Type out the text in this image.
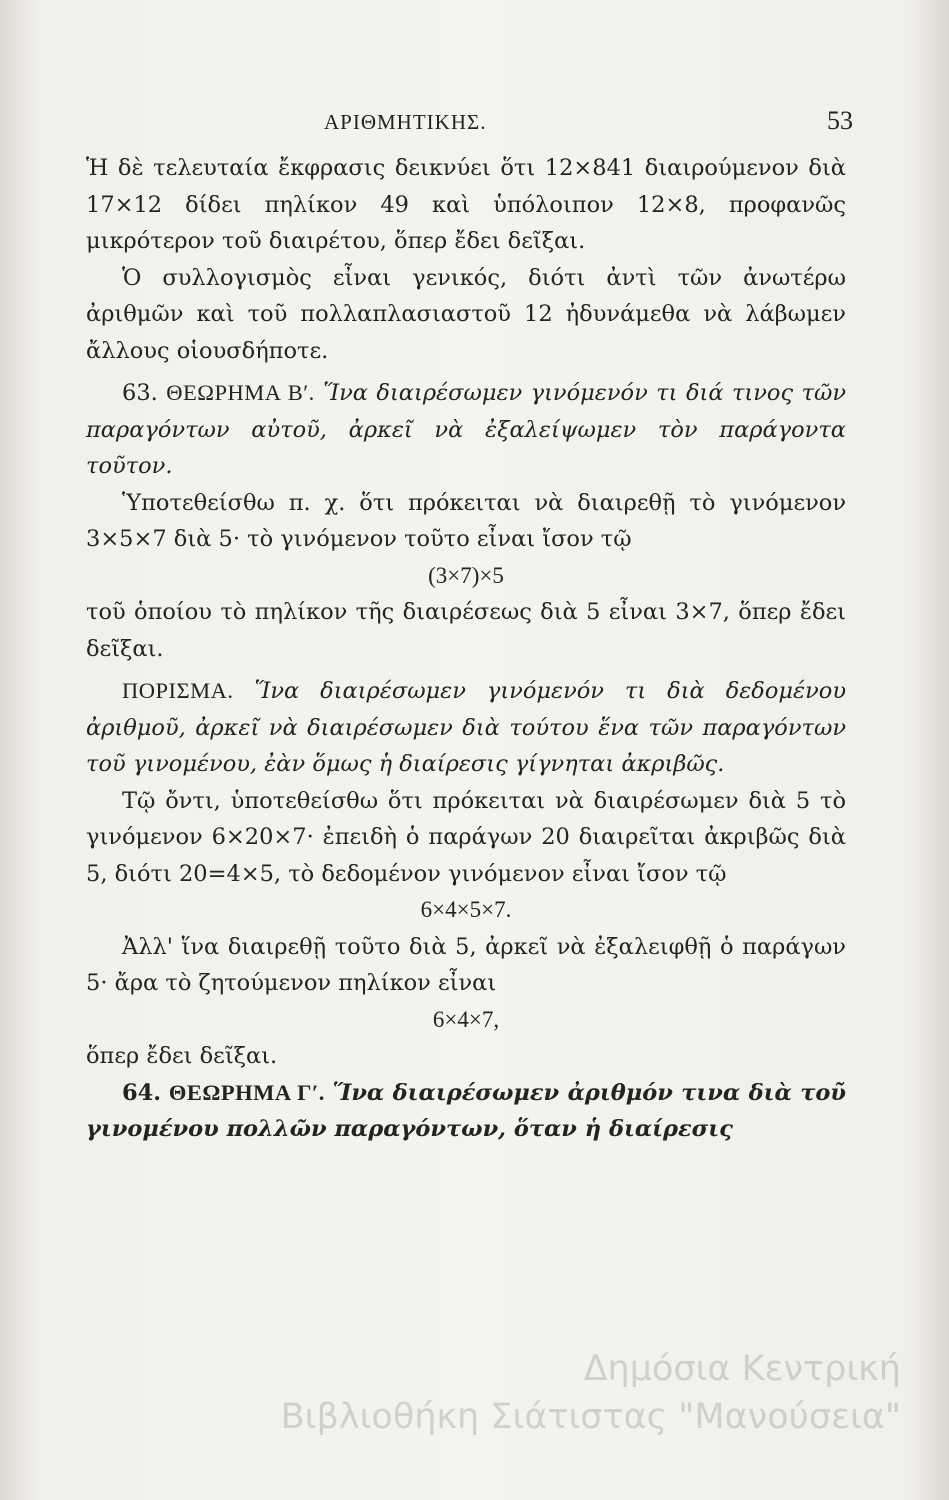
ΑΡΙΘΜΗΤΙΚΗΣ.	53

Ἡ δὲ τελευταία ἔκφρασις δεικνύει ὅτι 12×841 διαιρούμενον διὰ 17×12 δίδει πηλίκον 49 καὶ ὑπόλοιπον 12×8, προφανῶς μικρότερον τοῦ διαιρέτου, ὅπερ ἔδει δεῖξαι.

Ὁ συλλογισμὸς εἶναι γενικός, διότι ἀντὶ τῶν ἀνωτέρω ἀριθμῶν καὶ τοῦ πολλαπλασιαστοῦ 12 ἠδυνάμεθα νὰ λάβωμεν ἄλλους οἱουσδήποτε.

63. ΘΕΩΡΗΜΑ Β′. Ἵνα διαιρέσωμεν γινόμενόν τι διά τινος τῶν παραγόντων αὐτοῦ, ἀρκεῖ νὰ ἐξαλείψωμεν τὸν παράγοντα τοῦτον.

Ὑποτεθείσθω π. χ. ὅτι πρόκειται νὰ διαιρεθῇ τὸ γινόμενον 3×5×7 διὰ 5· τὸ γινόμενον τοῦτο εἶναι ἴσον τῷ

(3×7)×5

τοῦ ὁποίου τὸ πηλίκον τῆς διαιρέσεως διὰ 5 εἶναι 3×7, ὅπερ ἔδει δεῖξαι.

ΠΟΡΙΣΜΑ. Ἵνα διαιρέσωμεν γινόμενόν τι διὰ δεδομένου ἀριθμοῦ, ἀρκεῖ νὰ διαιρέσωμεν διὰ τούτου ἕνα τῶν παραγόντων τοῦ γινομένου, ἐὰν ὅμως ἡ διαίρεσις γίγνηται ἀκριβῶς.

Τῷ ὄντι, ὑποτεθείσθω ὅτι πρόκειται νὰ διαιρέσωμεν διὰ 5 τὸ γινόμενον 6×20×7· ἐπειδὴ ὁ παράγων 20 διαιρεῖται ἀκριβῶς διὰ 5, διότι 20=4×5, τὸ δεδομένον γινόμενον εἶναι ἴσον τῷ

6×4×5×7.

Ἀλλ' ἵνα διαιρεθῇ τοῦτο διὰ 5, ἀρκεῖ νὰ ἐξαλειφθῇ ὁ παράγων 5· ἄρα τὸ ζητούμενον πηλίκον εἶναι

6×4×7,

ὅπερ ἔδει δεῖξαι.

64. ΘΕΩΡΗΜΑ Γ′. Ἵνα διαιρέσωμεν ἀριθμόν τινα διὰ τοῦ γινομένου πολλῶν παραγόντων, ὅταν ἡ διαίρεσις

Δημόσια Κεντρική
Βιβλιοθήκη Σιάτιστας "Μανούσεια"
